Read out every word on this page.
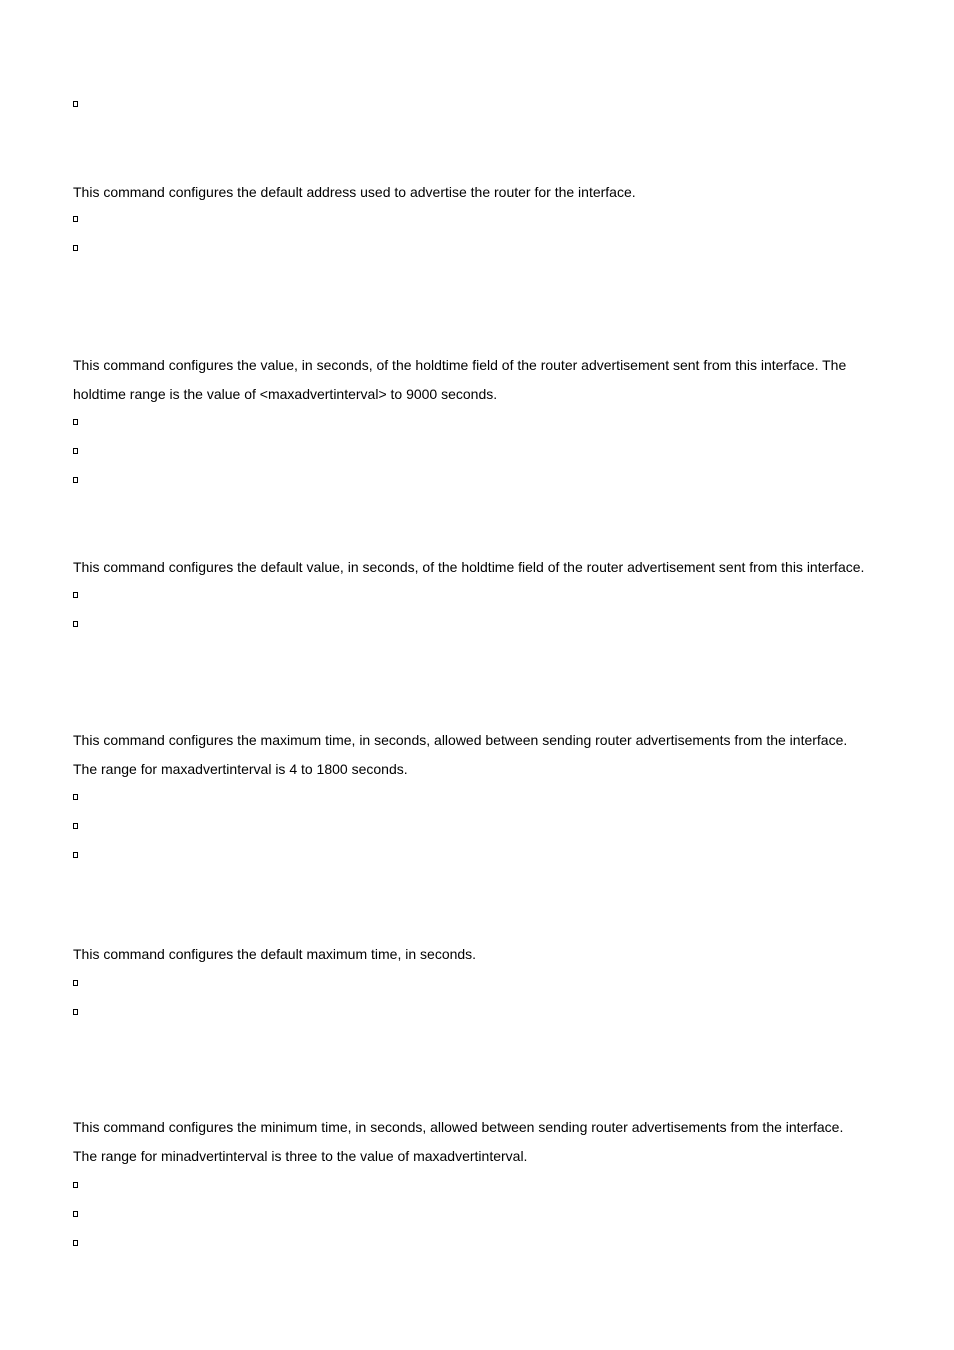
This command configures the default address used to advertise the router for the interface.

This command configures the value, in seconds, of the holdtime field of the router advertisement sent from this interface. The

holdtime range is the value of <maxadvertinterval> to 9000 seconds.

This command configures the default value, in seconds, of the holdtime field of the router advertisement sent from this interface.

This command configures the maximum time, in seconds, allowed between sending router advertisements from the interface.

The range for maxadvertinterval is 4 to 1800 seconds.

This command configures the default maximum time, in seconds.

This command configures the minimum time, in seconds, allowed between sending router advertisements from the interface.

The range for minadvertinterval is three to the value of maxadvertinterval.
